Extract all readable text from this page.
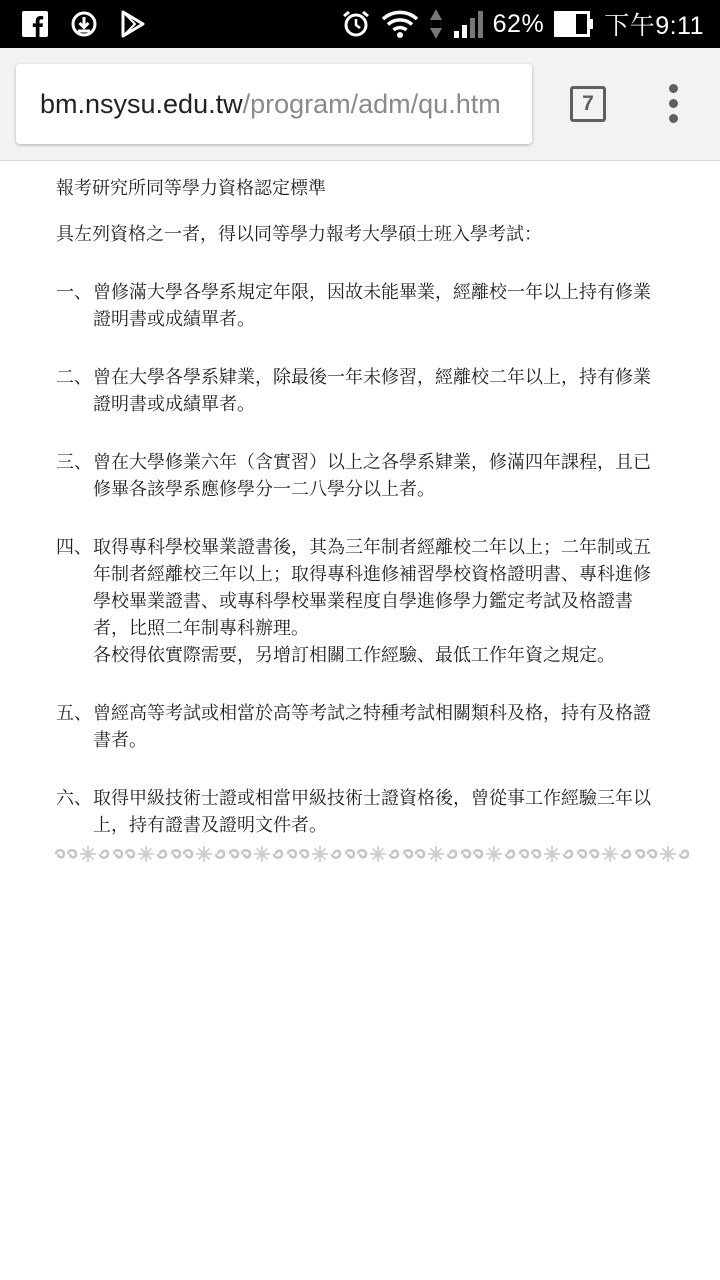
62% 下午9:11
bm.nsysu.edu.tw/program/adm/qu.htm	7
報考研究所同等學力資格認定標準
具左列資格之一者，得以同等學力報考大學碩士班入學考試：
一、 曾修滿大學各學系規定年限，因故未能畢業，經離校一年以上持有修業證明書或成績單者。
二、 曾在大學各學系肄業，除最後一年未修習，經離校二年以上，持有修業證明書或成績單者。
三、 曾在大學修業六年（含實習）以上之各學系肄業，修滿四年課程，且已修畢各該學系應修學分一二八學分以上者。
四、 取得專科學校畢業證書後，其為三年制者經離校二年以上；二年制或五年制者經離校三年以上；取得專科進修補習學校資格證明書、專科進修學校畢業證書、或專科學校畢業程度自學進修學力鑑定考試及格證書者，比照二年制專科辦理。
各校得依實際需要，另增訂相關工作經驗、最低工作年資之規定。
五、 曾經高等考試或相當於高等考試之特種考試相關類科及格，持有及格證書者。
六、 取得甲級技術士證或相當甲級技術士證資格後，曾從事工作經驗三年以上，持有證書及證明文件者。
